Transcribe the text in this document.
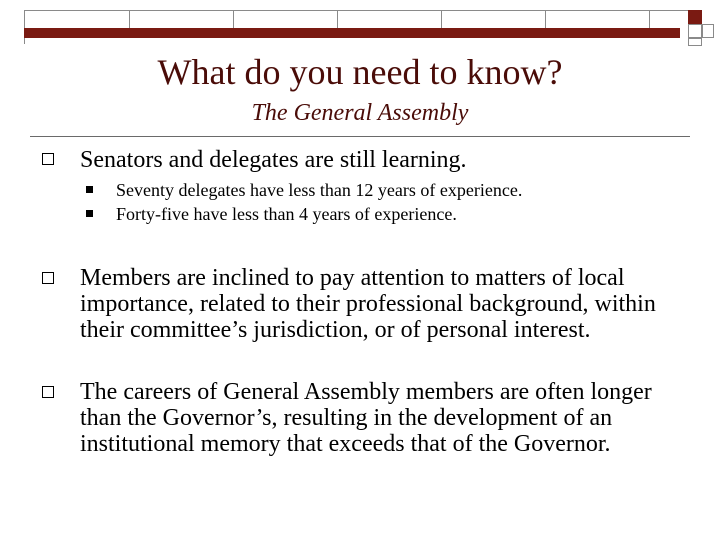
What do you need to know?
The General Assembly
Senators and delegates are still learning.
Seventy delegates have less than 12 years of experience.
Forty-five have less than 4 years of experience.
Members are inclined to pay attention to matters of local importance, related to their professional background, within their committee’s jurisdiction, or of personal interest.
The careers of General Assembly members are often longer than the Governor’s, resulting in the development of an institutional memory that exceeds that of the Governor.
